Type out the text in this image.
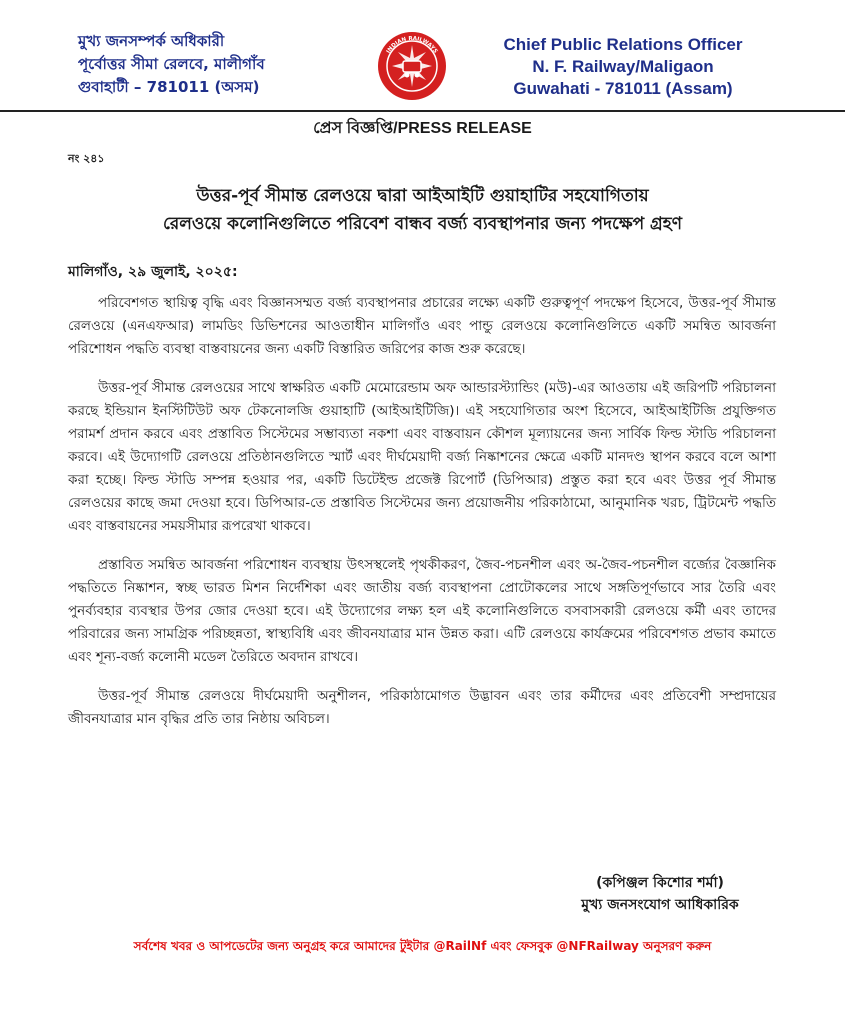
মুখ্য জনসম্পর্ক অধিকারী
পূর্বোত্তর সীমা রেলবে, মালীগাঁব
গুবাহাটী – 781011 (অসম)
INDIAN RAILWAYS	Chief Public Relations Officer
N. F. Railway/Maligaon
Guwahati - 781011 (Assam)
প্রেস বিজ্ঞপ্তি/PRESS RELEASE
নং ২৪১
উত্তর-পূর্ব সীমান্ত রেলওয়ে দ্বারা আইআইটি গুয়াহাটির সহযোগিতায়
রেলওয়ে কলোনিগুলিতে পরিবেশ বান্ধব বর্জ্য ব্যবস্থাপনার জন্য পদক্ষেপ গ্রহণ
মালিগাঁও, ২৯ জুলাই, ২০২৫:

পরিবেশগত স্থায়িত্ব বৃদ্ধি এবং বিজ্ঞানসম্মত বর্জ্য ব্যবস্থাপনার প্রচারের লক্ষ্যে একটি গুরুত্বপূর্ণ পদক্ষেপ হিসেবে, উত্তর-পূর্ব সীমান্ত রেলওয়ে (এনএফআর) লামডিং ডিভিশনের আওতাধীন মালিগাঁও এবং পান্ডু রেলওয়ে কলোনিগুলিতে একটি সমন্বিত আবর্জনা পরিশোধন পদ্ধতি ব্যবস্থা বাস্তবায়নের জন্য একটি বিস্তারিত জরিপের কাজ শুরু করেছে।

উত্তর-পূর্ব সীমান্ত রেলওয়ের সাথে স্বাক্ষরিত একটি মেমোরেন্ডাম অফ আন্ডারস্ট্যান্ডিং (মউ)-এর আওতায় এই জরিপটি পরিচালনা করছে ইন্ডিয়ান ইনস্টিটিউট অফ টেকনোলজি গুয়াহাটি (আইআইটিজি)। এই সহযোগিতার অংশ হিসেবে, আইআইটিজি প্রযুক্তিগত পরামর্শ প্রদান করবে এবং প্রস্তাবিত সিস্টেমের সম্ভাব্যতা নকশা এবং বাস্তবায়ন কৌশল মূল্যায়নের জন্য সার্বিক ফিল্ড স্টাডি পরিচালনা করবে। এই উদ্যোগটি রেলওয়ে প্রতিষ্ঠানগুলিতে স্মার্ট এবং দীর্ঘমেয়াদী বর্জ্য নিষ্কাশনের ক্ষেত্রে একটি মানদণ্ড স্থাপন করবে বলে আশা করা হচ্ছে। ফিল্ড স্টাডি সম্পন্ন হওয়ার পর, একটি ডিটেইল্ড প্রজেক্ট রিপোর্ট (ডিপিআর) প্রস্তুত করা হবে এবং উত্তর পূর্ব সীমান্ত রেলওয়ের কাছে জমা দেওয়া হবে। ডিপিআর-তে প্রস্তাবিত সিস্টেমের জন্য প্রয়োজনীয় পরিকাঠামো, আনুমানিক খরচ, ট্রিটমেন্ট পদ্ধতি এবং বাস্তবায়নের সময়সীমার রূপরেখা থাকবে।

প্রস্তাবিত সমন্বিত আবর্জনা পরিশোধন ব্যবস্থায় উৎসস্থলেই পৃথকীকরণ, জৈব-পচনশীল এবং অ-জৈব-পচনশীল বর্জ্যের বৈজ্ঞানিক পদ্ধতিতে নিষ্কাশন, স্বচ্ছ ভারত মিশন নির্দেশিকা এবং জাতীয় বর্জ্য ব্যবস্থাপনা প্রোটোকলের সাথে সঙ্গতিপূর্ণভাবে সার তৈরি এবং পুনর্ব্যবহার ব্যবস্থার উপর জোর দেওয়া হবে। এই উদ্যোগের লক্ষ্য হল এই কলোনিগুলিতে বসবাসকারী রেলওয়ে কর্মী এবং তাদের পরিবারের জন্য সামগ্রিক পরিচ্ছন্নতা, স্বাস্থ্যবিধি এবং জীবনযাত্রার মান উন্নত করা। এটি রেলওয়ে কার্যক্রমের পরিবেশগত প্রভাব কমাতে এবং শূন্য-বর্জ্য কলোনী মডেল তৈরিতে অবদান রাখবে।

উত্তর-পূর্ব সীমান্ত রেলওয়ে দীর্ঘমেয়াদী অনুশীলন, পরিকাঠামোগত উদ্ভাবন এবং তার কর্মীদের এবং প্রতিবেশী সম্প্রদায়ের জীবনযাত্রার মান বৃদ্ধির প্রতি তার নিষ্ঠায় অবিচল।

(কপিঞ্জল কিশোর শর্মা)
মুখ্য জনসংযোগ আধিকারিক
সর্বশেষ খবর ও আপডেটের জন্য অনুগ্রহ করে আমাদের টুইটার @RailNf এবং ফেসবুক @NFRailway অনুসরণ করুন
